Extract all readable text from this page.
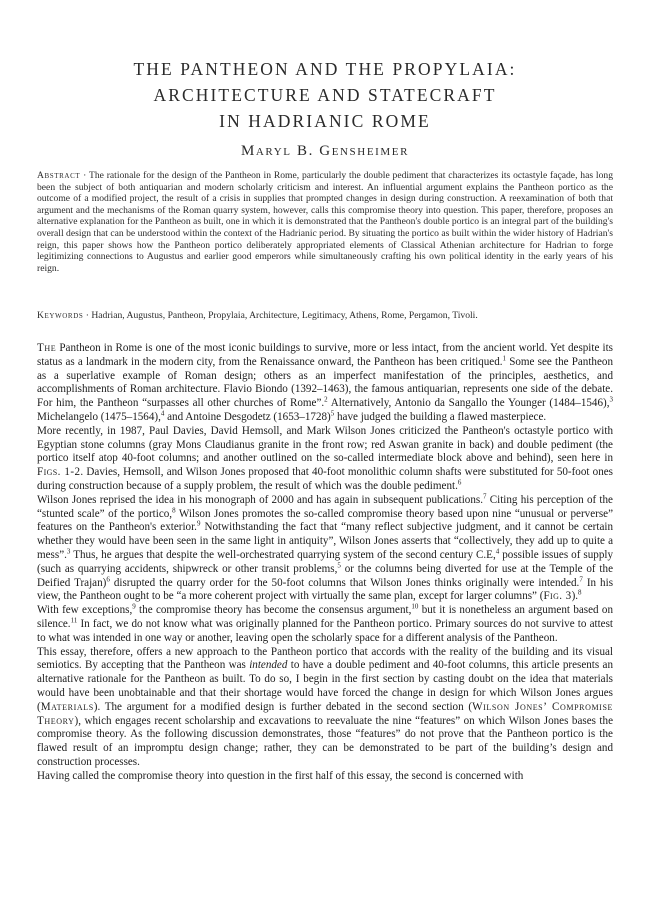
THE PANTHEON AND THE PROPYLAIA:
ARCHITECTURE AND STATECRAFT
IN HADRIANIC ROME
Maryl B. Gensheimer
Abstract · The rationale for the design of the Pantheon in Rome, particularly the double pediment that characterizes its octastyle façade, has long been the subject of both antiquarian and modern scholarly criticism and interest. An influential argument explains the Pantheon portico as the outcome of a modified project, the result of a crisis in supplies that prompted changes in design during construction. A reexamination of both that argument and the mechanisms of the Roman quarry system, however, calls this compromise theory into question. This paper, therefore, proposes an alternative explanation for the Pantheon as built, one in which it is demonstrated that the Pantheon's double portico is an integral part of the building's overall design that can be understood within the context of the Hadrianic period. By situating the portico as built within the wider history of Hadrian's reign, this paper shows how the Pantheon portico deliberately appropriated elements of Classical Athenian architecture for Hadrian to forge legitimizing connections to Augustus and earlier good emperors while simultaneously crafting his own political identity in the early years of his reign.
Keywords · Hadrian, Augustus, Pantheon, Propylaia, Architecture, Legitimacy, Athens, Rome, Pergamon, Tivoli.

The Pantheon in Rome is one of the most iconic buildings to survive, more or less intact, from the ancient world. Yet despite its status as a landmark in the modern city, from the Renaissance onward, the Pantheon has been critiqued.$^1$ Some see the Pantheon as a superlative example of Roman design; others as an imperfect manifestation of the principles, aesthetics, and accomplishments of Roman architecture. Flavio Biondo (1392–1463), the famous antiquarian, represents one side of the debate. For him, the Pantheon “surpasses all other churches of Rome”.$^2$ Alternatively, Antonio da Sangallo the Younger (1484–1546),$^3$ Michelangelo (1475–1564),$^4$ and Antoine Desgodetz (1653–1728)$^5$ have judged the building a flawed masterpiece.

More recently, in 1987, Paul Davies, David Hemsoll, and Mark Wilson Jones criticized the Pantheon's octastyle portico with Egyptian stone columns (gray Mons Claudianus granite in the front row; red Aswan granite in back) and double pediment (the portico itself atop 40-foot columns; and another outlined on the so-called intermediate block above and behind), seen here in Figs. 1-2. Davies, Hemsoll, and Wilson Jones proposed that 40-foot monolithic column shafts were substituted for 50-foot ones during construction because of a supply problem, the result of which was the double pediment.$^6$

Wilson Jones reprised the idea in his monograph of 2000 and has again in subsequent publications.$^7$ Citing his perception of the “stunted scale” of the portico,$^8$ Wilson Jones promotes the so-called compromise theory based upon nine “unusual or perverse” features on the Pantheon's exterior.$^9$ Notwithstanding the fact that “many reflect subjective judgment, and it cannot be certain whether they would have been seen in the same light in antiquity”, Wilson Jones asserts that “collectively, they add up to quite a mess”.$^3$ Thus, he argues that despite the well-orchestrated quarrying system of the second century C.E,$^4$ possible issues of supply (such as quarrying accidents, shipwreck or other transit problems,$^5$ or the columns being diverted for use at the Temple of the Deified Trajan)$^6$ disrupted the quarry order for the 50-foot columns that Wilson Jones thinks originally were intended.$^7$ In his view, the Pantheon ought to be “a more coherent project with virtually the same plan, except for larger columns” (Fig. 3).$^8$

With few exceptions,$^9$ the compromise theory has become the consensus argument,$^{10}$ but it is nonetheless an argument based on silence.$^{11}$ In fact, we do not know what was originally planned for the Pantheon portico. Primary sources do not survive to attest to what was intended in one way or another, leaving open the scholarly space for a different analysis of the Pantheon.

This essay, therefore, offers a new approach to the Pantheon portico that accords with the reality of the building and its visual semiotics. By accepting that the Pantheon was intended to have a double pediment and 40-foot columns, this article presents an alternative rationale for the Pantheon as built. To do so, I begin in the first section by casting doubt on the idea that materials would have been unobtainable and that their shortage would have forced the change in design for which Wilson Jones argues (Materials). The argument for a modified design is further debated in the second section (Wilson Jones’ Compromise Theory), which engages recent scholarship and excavations to reevaluate the nine “features” on which Wilson Jones bases the compromise theory. As the following discussion demonstrates, those “features” do not prove that the Pantheon portico is the flawed result of an impromptu design change; rather, they can be demonstrated to be part of the building’s design and construction processes.

Having called the compromise theory into question in the first half of this essay, the second is concerned with
